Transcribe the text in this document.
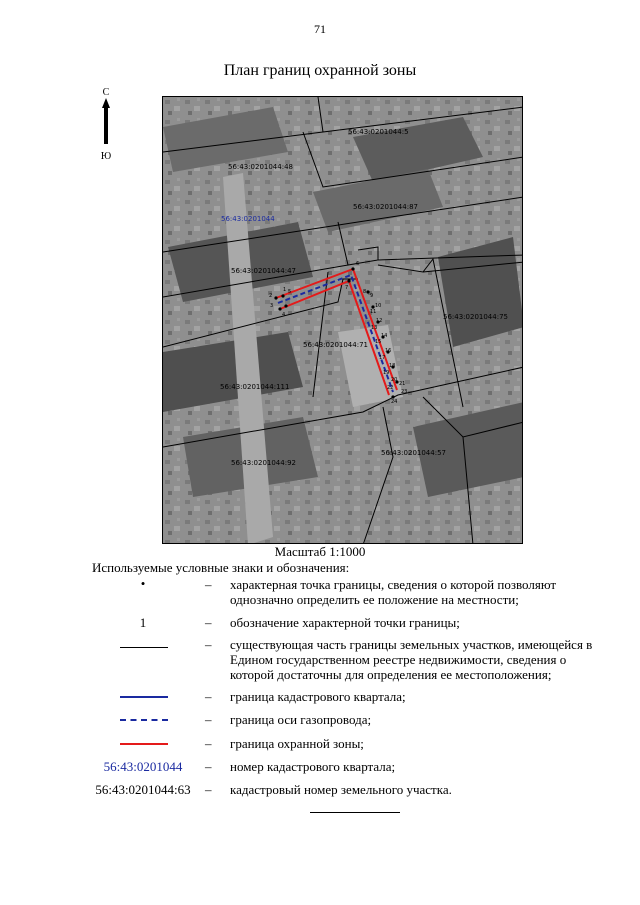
71
План границ охранной зоны
С
Ю
1
2
3
4
5
6
7
8
9
10
11
12
13
14
15
16
17
18
19
20
21
22
23
24
56:43:0201044:5
56:43:0201044:48
56:43:0201044:87
56:43:0201044:47
56:43:0201044:75
56:43:0201044:71
56:43:0201044:111
56:43:0201044:92
56:43:0201044:57
56:43:0201044
Масштаб 1:1000
Используемые условные знаки и обозначения:
•	– характерная точка границы, сведения о которой позволяют однозначно определить ее положение на местности;
1	– обозначение характерной точки границы;
– существующая часть границы земельных участков, имеющейся в Едином государственном реестре недвижимости, сведения о которой достаточны для определения ее местоположения;
– граница кадастрового квартала;
– граница оси газопровода;
– граница охранной зоны;
56:43:0201044	– номер кадастрового квартала;
56:43:0201044:63	– кадастровый номер земельного участка.
